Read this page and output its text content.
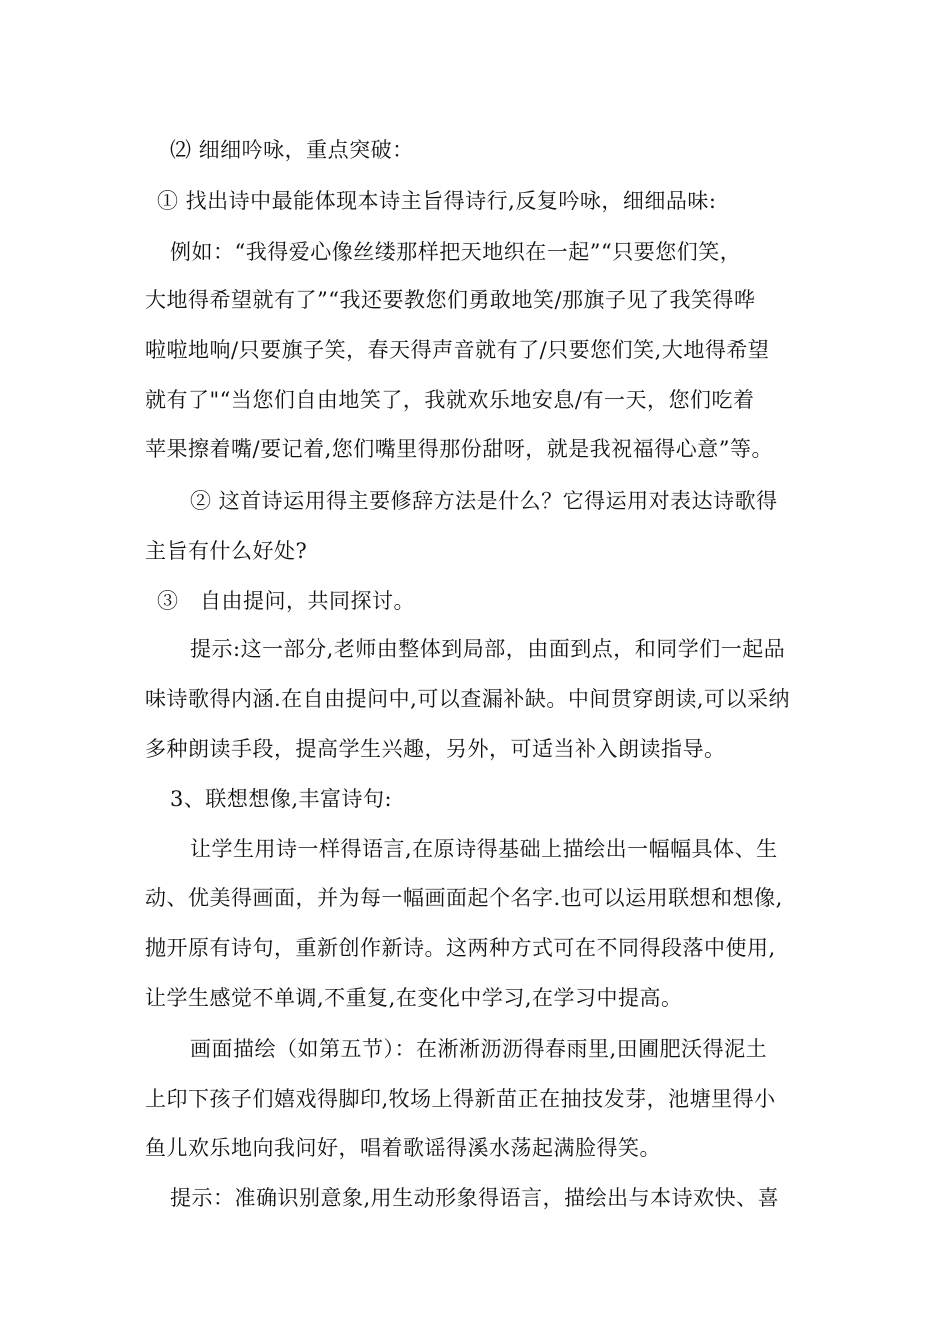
⑵ 细细吟咏，重点突破：
① 找出诗中最能体现本诗主旨得诗行,反复吟咏，细细品味:
例如：“我得爱心像丝缕那样把天地织在一起”“只要您们笑，
大地得希望就有了”“我还要教您们勇敢地笑/那旗子见了我笑得哗
啦啦地响/只要旗子笑，春天得声音就有了/只要您们笑,大地得希望
就有了"“当您们自由地笑了，我就欢乐地安息/有一天，您们吃着
苹果擦着嘴/要记着,您们嘴里得那份甜呀，就是我祝福得心意”等。
② 这首诗运用得主要修辞方法是什么？它得运用对表达诗歌得
主旨有什么好处?
③　自由提问，共同探讨。
提示:这一部分,老师由整体到局部，由面到点，和同学们一起品
味诗歌得内涵.在自由提问中,可以查漏补缺。中间贯穿朗读,可以采纳
多种朗读手段，提高学生兴趣，另外，可适当补入朗读指导。
3、联想想像,丰富诗句:
让学生用诗一样得语言,在原诗得基础上描绘出一幅幅具体、生
动、优美得画面，并为每一幅画面起个名字.也可以运用联想和想像,
抛开原有诗句，重新创作新诗。这两种方式可在不同得段落中使用,
让学生感觉不单调,不重复,在变化中学习,在学习中提高。
画面描绘（如第五节）：在淅淅沥沥得春雨里,田圃肥沃得泥土
上印下孩子们嬉戏得脚印,牧场上得新苗正在抽技发芽，池塘里得小
鱼儿欢乐地向我问好，唱着歌谣得溪水荡起满脸得笑。
提示：准确识别意象,用生动形象得语言，描绘出与本诗欢快、喜
